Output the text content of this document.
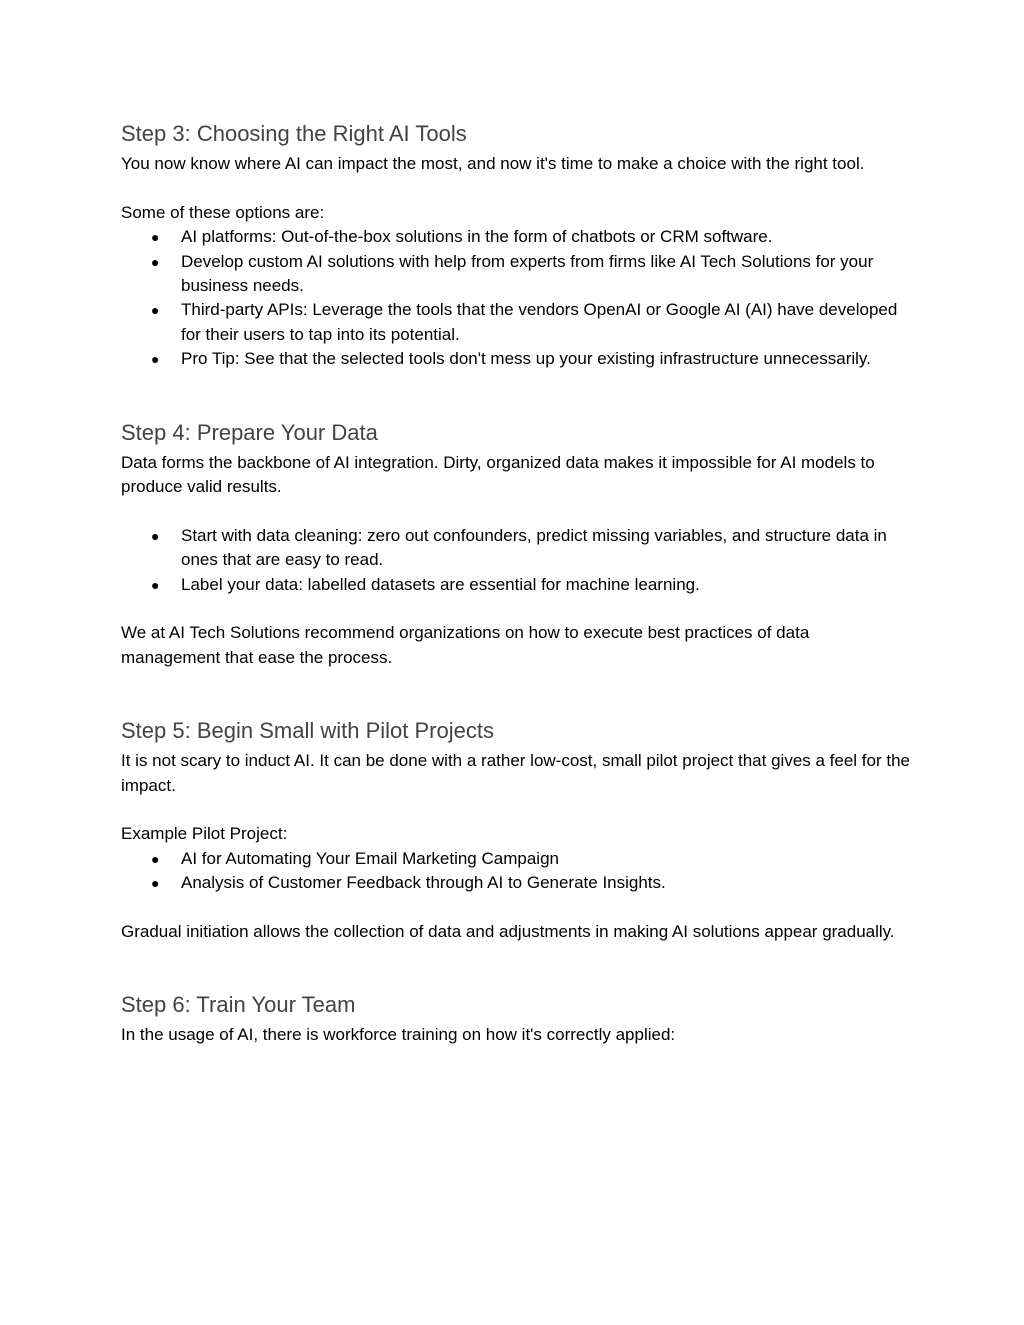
Step 3: Choosing the Right AI Tools

You now know where AI can impact the most, and now it's time to make a choice with the right tool.

Some of these options are:

● AI platforms: Out-of-the-box solutions in the form of chatbots or CRM software.
● Develop custom AI solutions with help from experts from firms like AI Tech Solutions for your business needs.
● Third-party APIs: Leverage the tools that the vendors OpenAI or Google AI (AI) have developed for their users to tap into its potential.
● Pro Tip: See that the selected tools don't mess up your existing infrastructure unnecessarily.
Step 4: Prepare Your Data

Data forms the backbone of AI integration. Dirty, organized data makes it impossible for AI models to produce valid results.

● Start with data cleaning: zero out confounders, predict missing variables, and structure data in ones that are easy to read.
● Label your data: labelled datasets are essential for machine learning.

We at AI Tech Solutions recommend organizations on how to execute best practices of data management that ease the process.

Step 5: Begin Small with Pilot Projects

It is not scary to induct AI. It can be done with a rather low-cost, small pilot project that gives a feel for the impact.

Example Pilot Project:

● AI for Automating Your Email Marketing Campaign
● Analysis of Customer Feedback through AI to Generate Insights.

Gradual initiation allows the collection of data and adjustments in making AI solutions appear gradually.

Step 6: Train Your Team

In the usage of AI, there is workforce training on how it's correctly applied:
